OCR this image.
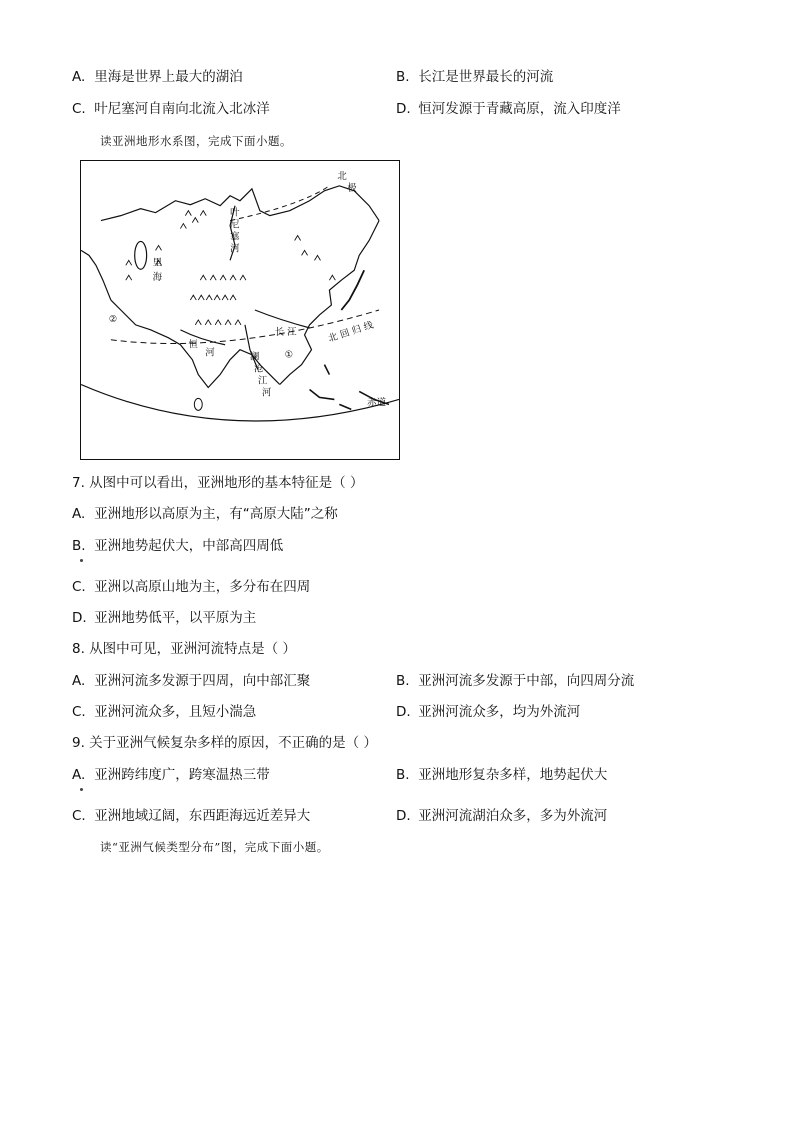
A. 里海是世界上最大的湖泊	B. 长江是世界最长的河流
C. 叶尼塞河自南向北流入北冰洋	D. 恒河发源于青藏高原，流入印度洋
读亚洲地形水系图，完成下面小题。
北
极
叶
尼
塞
河
里
海
②
①
恒
河	澜
沧
江
河
长 江	北 回 归 线
赤道
7. 从图中可以看出，亚洲地形的基本特征是（ ）
A. 亚洲地形以高原为主，有“高原大陆”之称
B. 亚洲地势起伏大，中部高四周低
C. 亚洲以高原山地为主，多分布在四周
D. 亚洲地势低平，以平原为主
8. 从图中可见，亚洲河流特点是（ ）
A. 亚洲河流多发源于四周，向中部汇聚	B. 亚洲河流多发源于中部，向四周分流
C. 亚洲河流众多，且短小湍急	D. 亚洲河流众多，均为外流河
9. 关于亚洲气候复杂多样的原因，不正确的是（ ）
A. 亚洲跨纬度广，跨寒温热三带	B. 亚洲地形复杂多样，地势起伏大
C. 亚洲地域辽阔，东西距海远近差异大	D. 亚洲河流湖泊众多，多为外流河
读“亚洲气候类型分布”图，完成下面小题。
